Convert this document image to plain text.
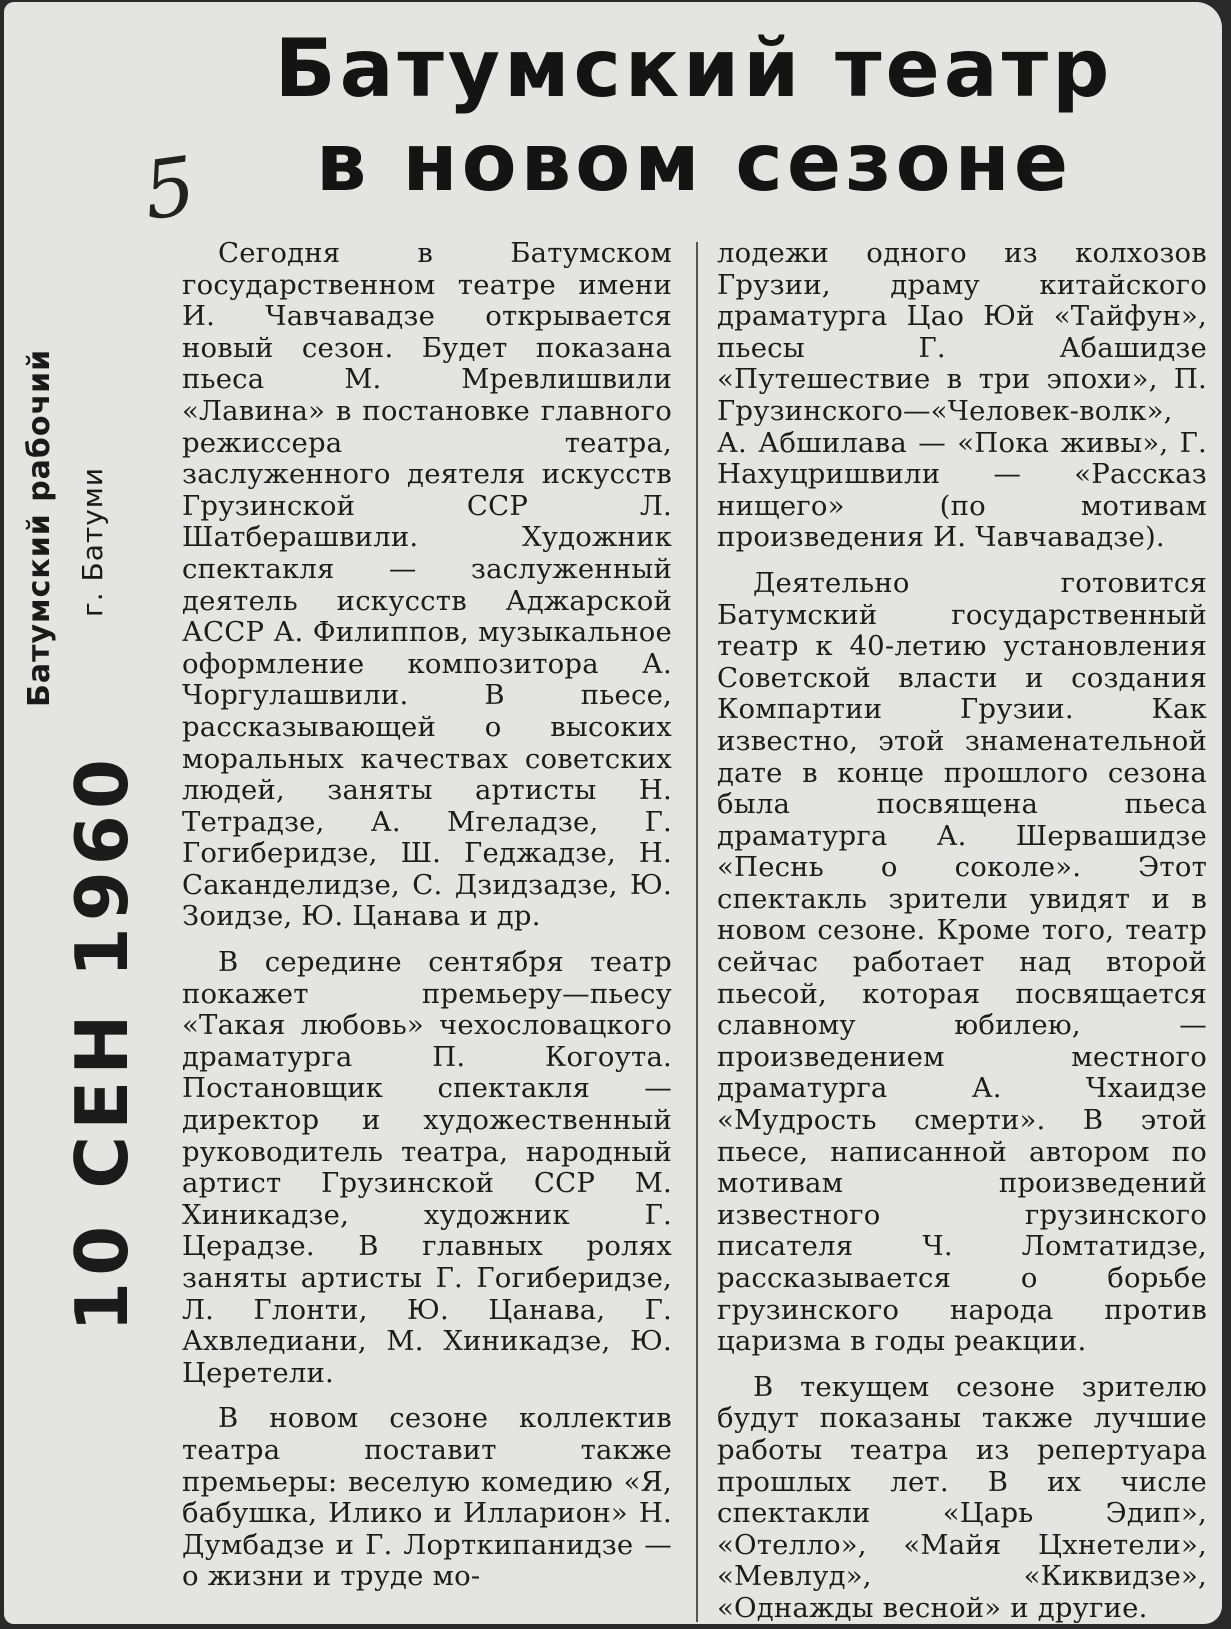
Батумский театр
в новом сезоне
5
Батумский рабочий г. Батуми
10 СЕН 1960

Сегодня в Батумском государственном театре имени И. Чавчавадзе открывается новый сезон. Будет показана пьеса М. Мревлишвили «Лавина» в постановке главного режиссера театра, заслуженного деятеля искусств Грузинской ССР Л. Шатберашвили. Художник спектакля — заслуженный деятель искусств Аджарской АССР А. Филиппов, музыкальное оформление композитора А. Чоргулашвили. В пьесе, рассказывающей о высоких моральных качествах советских людей, заняты артисты Н. Тетрадзе, А. Мгеладзе, Г. Гогиберидзе, Ш. Геджадзе, Н. Саканделидзе, С. Дзидзадзе, Ю. Зоидзе, Ю. Цанава и др.

В середине сентября театр покажет премьеру—пьесу «Такая любовь» чехословацкого драматурга П. Когоута. Постановщик спектакля — директор и художественный руководитель театра, народный артист Грузинской ССР М. Хиникадзе, художник Г. Церадзе. В главных ролях заняты артисты Г. Гогиберидзе, Л. Глонти, Ю. Цанава, Г. Ахвледиани, М. Хиникадзе, Ю. Церетели.

В новом сезоне коллектив театра поставит также премьеры: веселую комедию «Я, бабушка, Илико и Илларион» Н. Думбадзе и Г. Лорткипанидзе — о жизни и труде мо-

лодежи одного из колхозов Грузии, драму китайского драматурга Цао Юй «Тайфун», пьесы Г. Абашидзе «Путешествие в три эпохи», П. Грузинского—«Человек-волк», А. Абшилава — «Пока живы», Г. Нахуцришвили — «Рассказ нищего» (по мотивам произведения И. Чавчавадзе).

Деятельно готовится Батумский государственный театр к 40-летию установления Советской власти и создания Компартии Грузии. Как известно, этой знаменательной дате в конце прошлого сезона была посвящена пьеса драматурга А. Шервашидзе «Песнь о соколе». Этот спектакль зрители увидят и в новом сезоне. Кроме того, театр сейчас работает над второй пьесой, которая посвящается славному юбилею, — произведением местного драматурга А. Чхаидзе «Мудрость смерти». В этой пьесе, написанной автором по мотивам произведений известного грузинского писателя Ч. Ломтатидзе, рассказывается о борьбе грузинского народа против царизма в годы реакции.

В текущем сезоне зрителю будут показаны также лучшие работы театра из репертуара прошлых лет. В их числе спектакли «Царь Эдип», «Отелло», «Майя Цхнетели», «Мевлуд», «Киквидзе», «Однажды весной» и другие.
